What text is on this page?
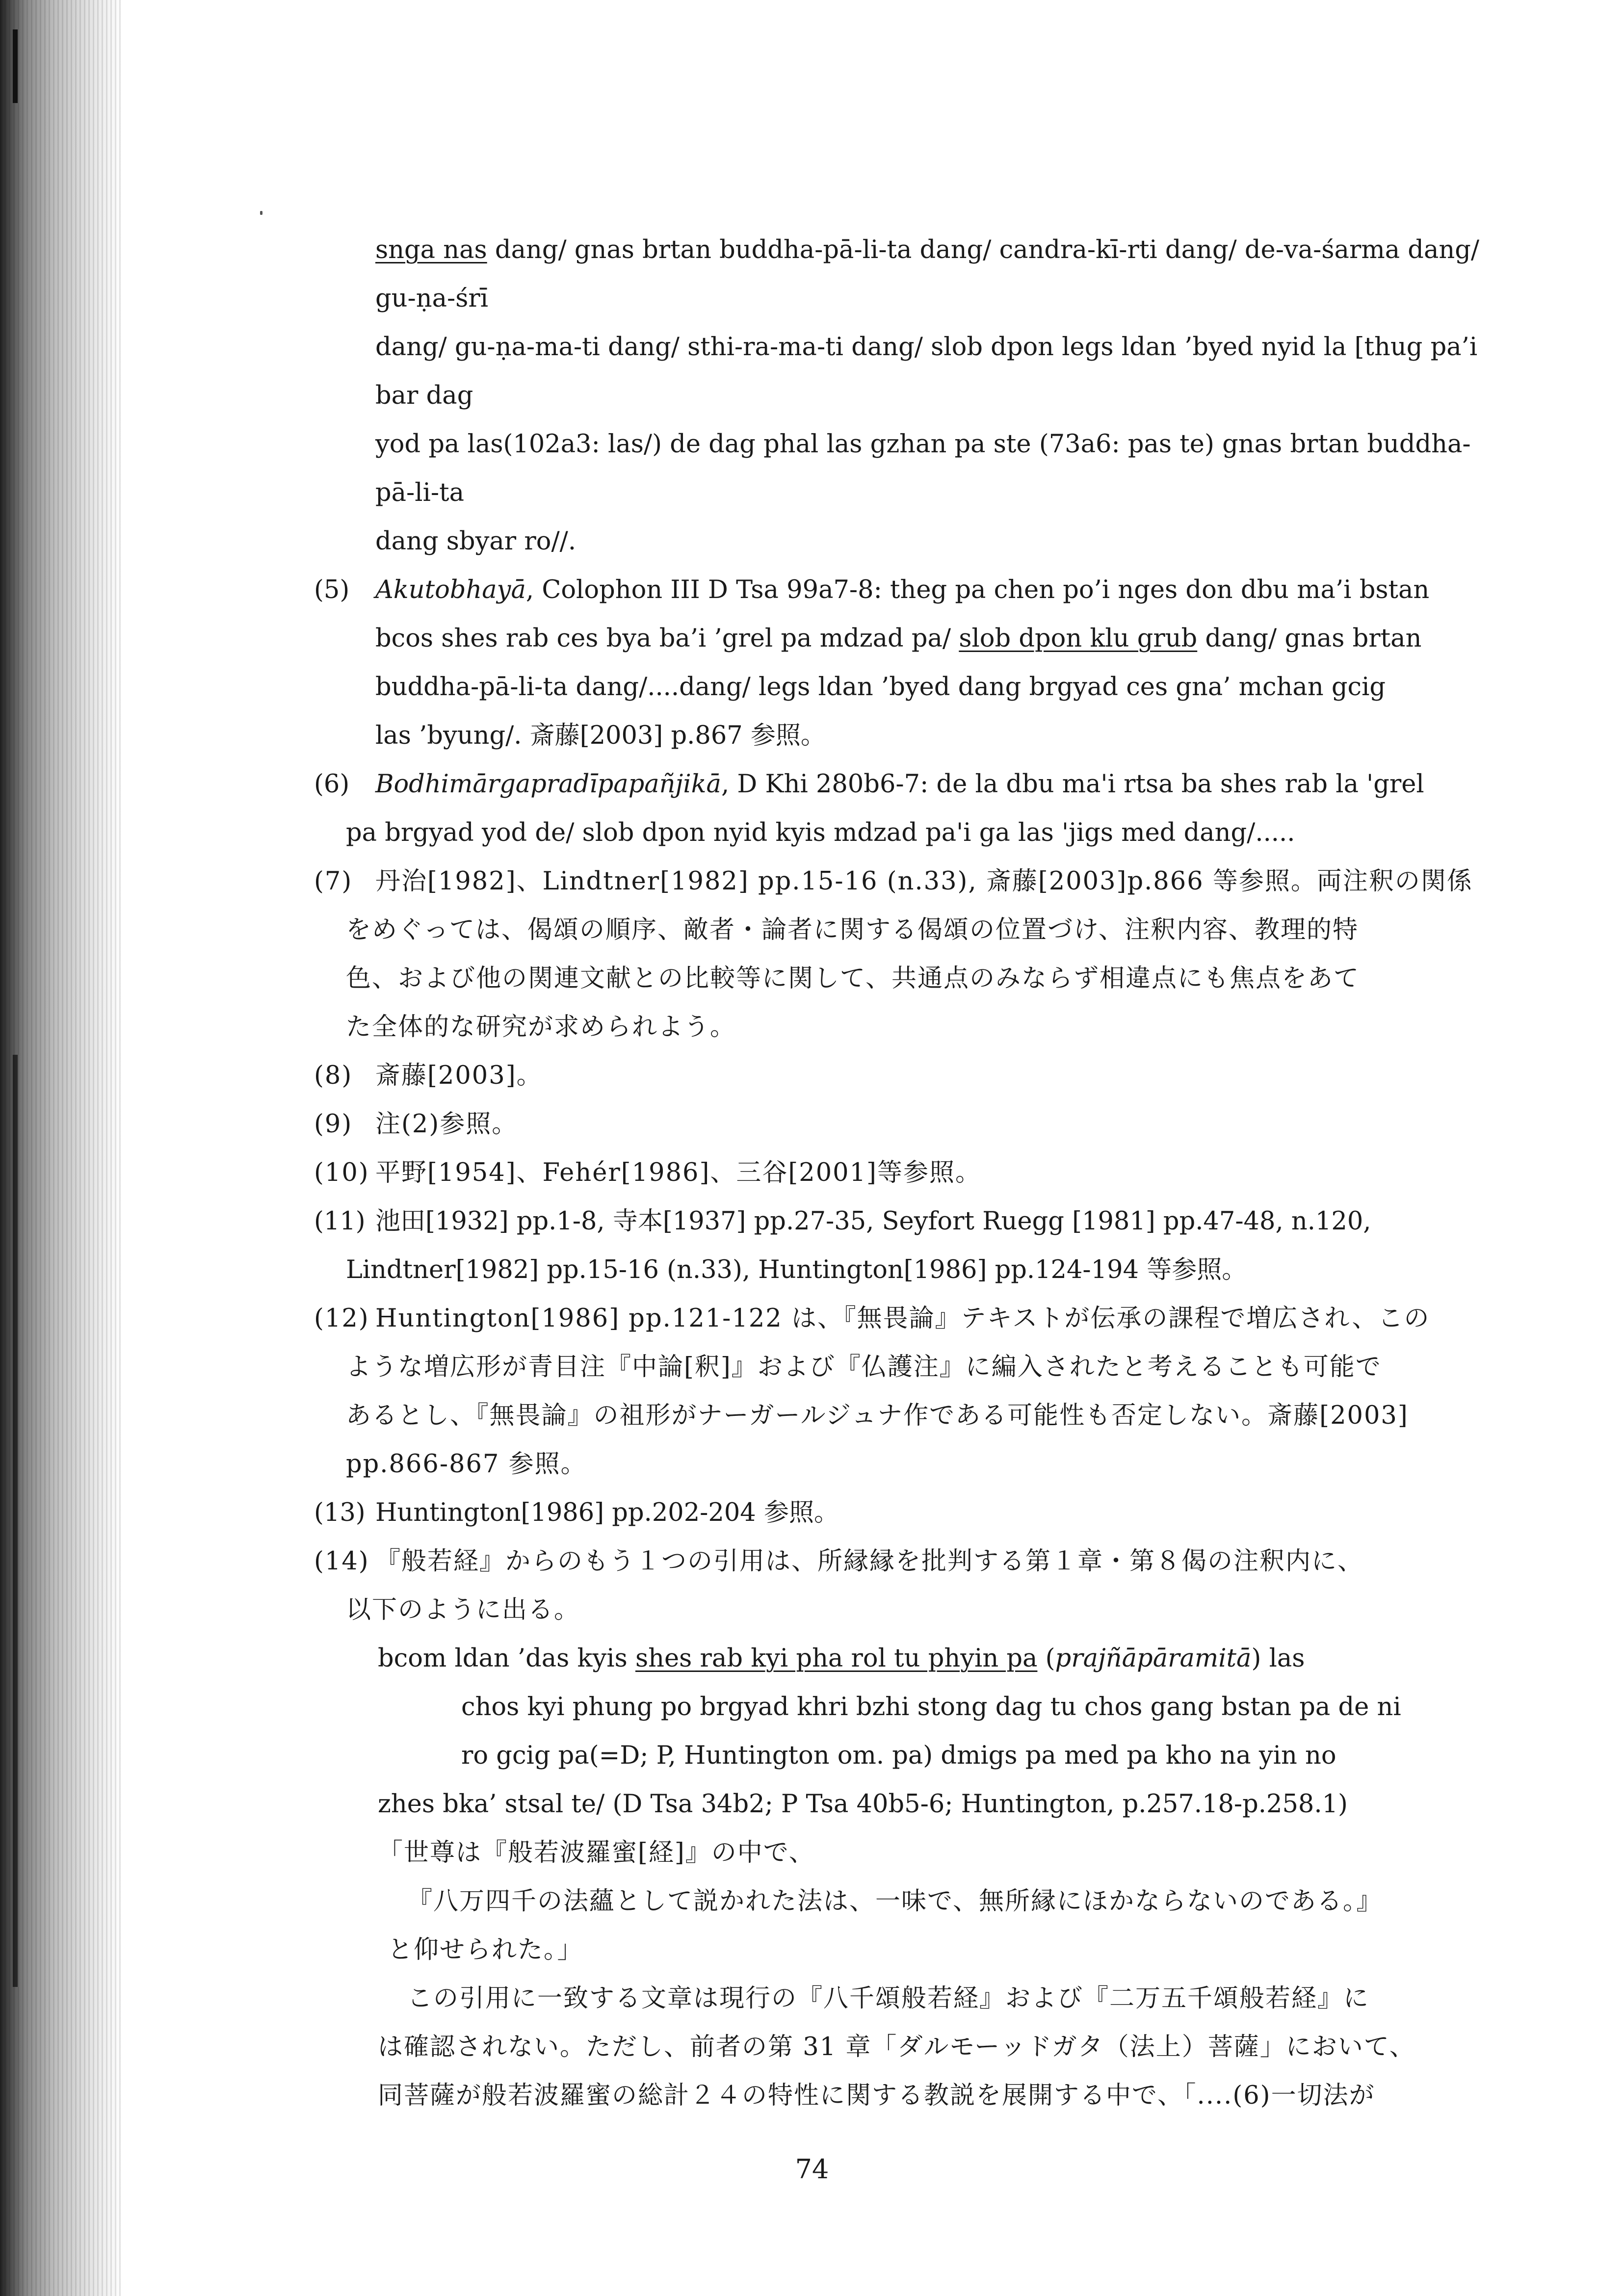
snga nas dang/ gnas brtan buddha-pā-li-ta dang/ candra-kī-rti dang/ de-va-śarma dang/ gu-ṇa-śrī
dang/ gu-ṇa-ma-ti dang/ sthi-ra-ma-ti dang/ slob dpon legs ldan ’byed nyid la [thug pa’i bar dag
yod pa las(102a3: las/) de dag phal las gzhan pa ste (73a6: pas te) gnas brtan buddha-pā-li-ta
dang sbyar ro//.
(5) Akutobhayā, Colophon III D Tsa 99a7-8: theg pa chen po’i nges don dbu ma’i bstan
bcos shes rab ces bya ba’i ’grel pa mdzad pa/ slob dpon klu grub dang/ gnas brtan
buddha-pā-li-ta dang/....dang/ legs ldan ’byed dang brgyad ces gna’ mchan gcig
las ’byung/. 斎藤[2003] p.867 参照。
(6) Bodhimārgapradīpapañjikā, D Khi 280b6-7: de la dbu ma'i rtsa ba shes rab la 'grel
pa brgyad yod de/ slob dpon nyid kyis mdzad pa'i ga las 'jigs med dang/.....
(7) 丹治[1982]、Lindtner[1982] pp.15-16 (n.33), 斎藤[2003]p.866 等参照。両注釈の関係
をめぐっては、偈頌の順序、敵者・論者に関する偈頌の位置づけ、注釈内容、教理的特
色、および他の関連文献との比較等に関して、共通点のみならず相違点にも焦点をあて
た全体的な研究が求められよう。
(8) 斎藤[2003]。
(9) 注(2)参照。
(10) 平野[1954]、Fehér[1986]、三谷[2001]等参照。
(11) 池田[1932] pp.1-8, 寺本[1937] pp.27-35, Seyfort Ruegg [1981] pp.47-48, n.120,
Lindtner[1982] pp.15-16 (n.33), Huntington[1986] pp.124-194 等参照。
(12) Huntington[1986] pp.121-122 は、『無畏論』テキストが伝承の課程で増広され、この
ような増広形が青目注『中論[釈]』および『仏護注』に編入されたと考えることも可能で
あるとし、『無畏論』の祖形がナーガールジュナ作である可能性も否定しない。斎藤[2003]
pp.866-867 参照。
(13) Huntington[1986] pp.202-204 参照。
(14) 『般若経』からのもう１つの引用は、所縁縁を批判する第１章・第８偈の注釈内に、
以下のように出る。
bcom ldan ’das kyis shes rab kyi pha rol tu phyin pa (prajñāpāramitā) las
chos kyi phung po brgyad khri bzhi stong dag tu chos gang bstan pa de ni
ro gcig pa(=D; P, Huntington om. pa) dmigs pa med pa kho na yin no
zhes bka’ stsal te/ (D Tsa 34b2; P Tsa 40b5-6; Huntington, p.257.18-p.258.1)
「世尊は『般若波羅蜜[経]』の中で、
『八万四千の法蘊として説かれた法は、一味で、無所縁にほかならないのである。』
と仰せられた。」
この引用に一致する文章は現行の『八千頌般若経』および『二万五千頌般若経』に
は確認されない。ただし、前者の第 31 章「ダルモーッドガタ（法上）菩薩」において、
同菩薩が般若波羅蜜の総計２４の特性に関する教説を展開する中で、「....(6)一切法が
74
